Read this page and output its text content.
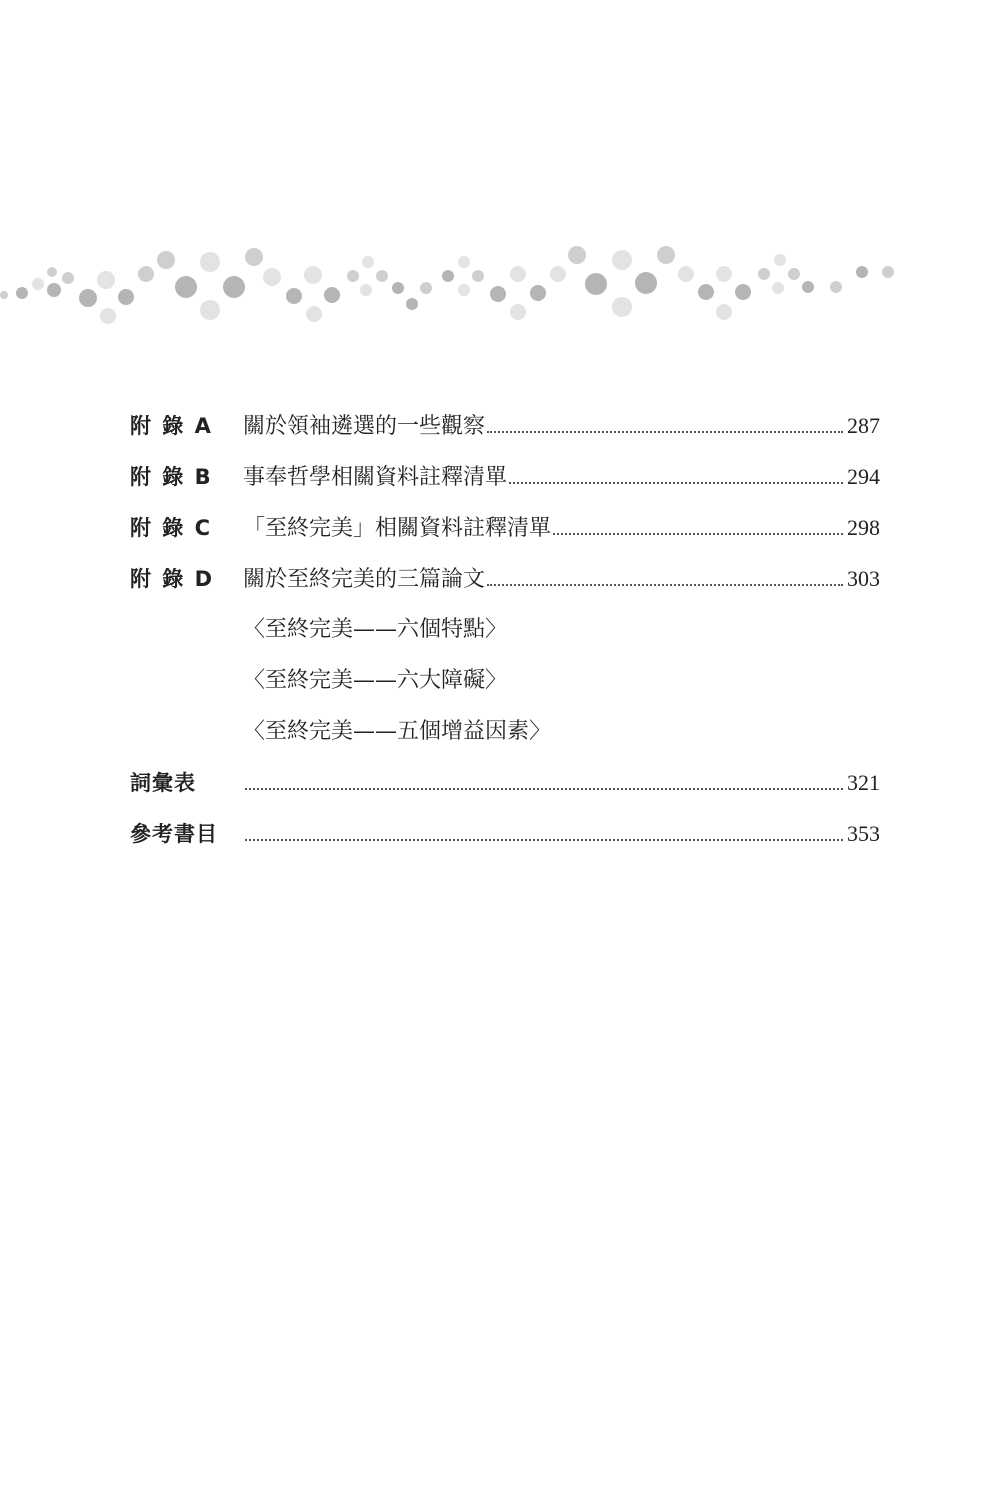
附 錄 A	關於領袖遴選的一些觀察	287
附 錄 B	事奉哲學相關資料註釋清單	294
附 錄 C	「至終完美」相關資料註釋清單	298
附 錄 D	關於至終完美的三篇論文	303
〈至終完美——六個特點〉
〈至終完美——六大障礙〉
〈至終完美——五個增益因素〉
詞彙表	321
參考書目	353
